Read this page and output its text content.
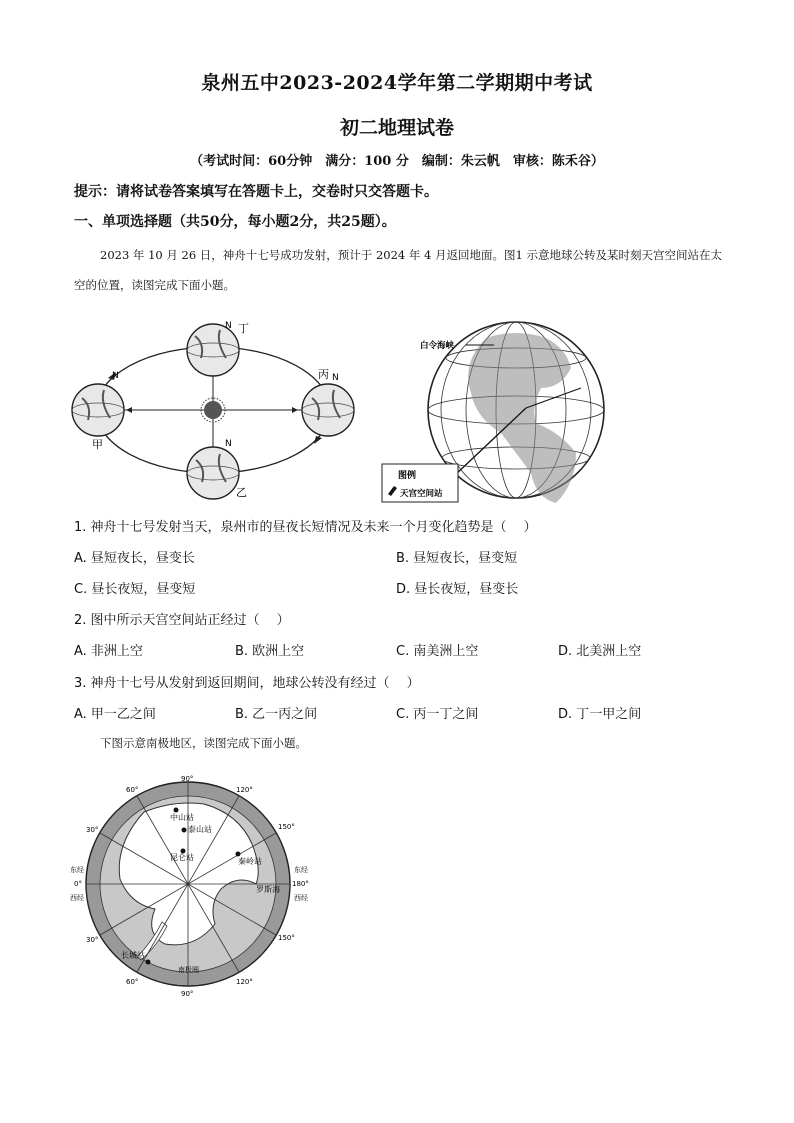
泉州五中2023-2024学年第二学期期中考试
初二地理试卷
（考试时间：60分钟　满分：100 分　编制：朱云帆　审核：陈禾谷）
提示：请将试卷答案填写在答题卡上，交卷时只交答题卡。
一、单项选择题（共50分，每小题2分，共25题）。
2023 年 10 月 26 日，神舟十七号成功发射，预计于 2024 年 4 月返回地面。图1 示意地球公转及某时刻天宫空间站在太空的位置，读图完成下面小题。
N
N	N
N
丁
甲
丙
乙
白令海峡
图例
天宫空间站
1. 神舟十七号发射当天，泉州市的昼夜长短情况及未来一个月变化趋势是（　 ）
A. 昼短夜长，昼变长	B. 昼短夜长，昼变短
C. 昼长夜短，昼变短	D. 昼长夜短，昼变长
2. 图中所示天宫空间站正经过（　 ）
A. 非洲上空	B. 欧洲上空	C. 南美洲上空	D. 北美洲上空
3. 神舟十七号从发射到返回期间，地球公转没有经过（　 ）
A. 甲一乙之间	B. 乙一丙之间	C. 丙一丁之间	D. 丁一甲之间
下图示意南极地区，读图完成下面小题。
中山站
泰山站
昆仑站	秦岭站
长城站
罗斯海
南极圈
90°
90°
60°	120°
30°	150°
30°	150°
60°	120°
东经
0°
西经
东经
180°
西经
